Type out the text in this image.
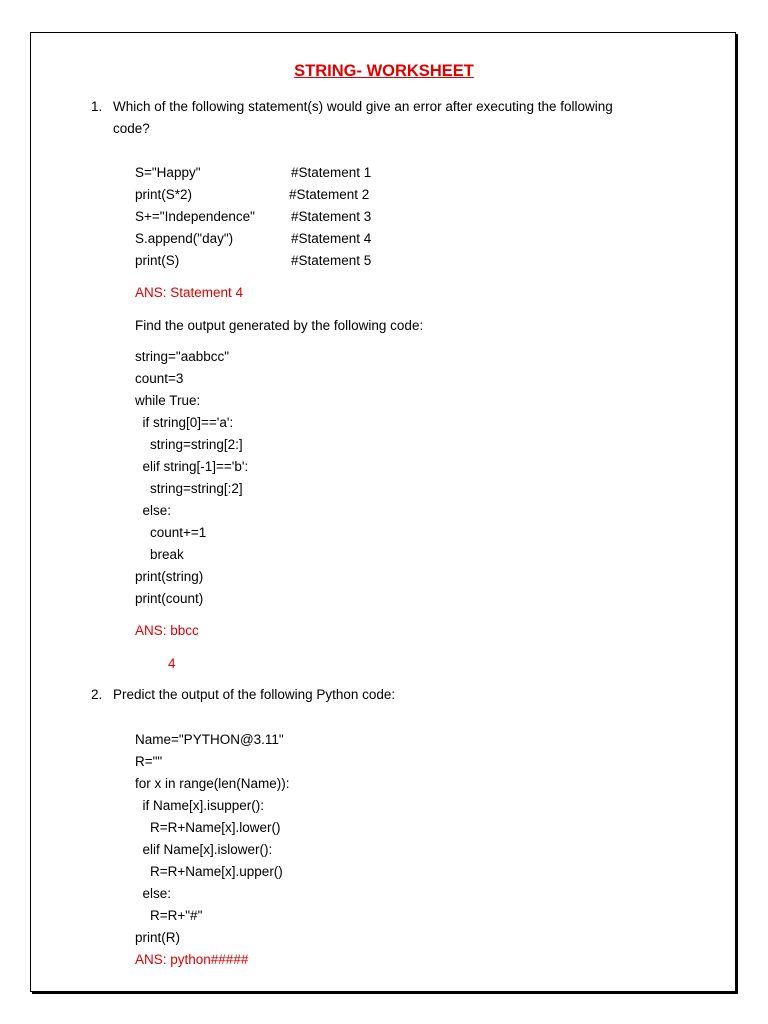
STRING- WORKSHEET
1. Which of the following statement(s) would give an error after executing the following
code?
S="Happy"	#Statement 1
print(S*2)	#Statement 2
S+="Independence"	#Statement 3
S.append("day")	#Statement 4
print(S)	#Statement 5
ANS: Statement 4
Find the output generated by the following code:
string="aabbcc"
count=3
while True:
if string[0]=='a':
string=string[2:]
elif string[-1]=='b':
string=string[:2]
else:
count+=1
break
print(string)
print(count)
ANS: bbcc
4
2. Predict the output of the following Python code:
Name="PYTHON@3.11"
R=""
for x in range(len(Name)):
if Name[x].isupper():
R=R+Name[x].lower()
elif Name[x].islower():
R=R+Name[x].upper()
else:
R=R+"#"
print(R)
ANS: python#####
